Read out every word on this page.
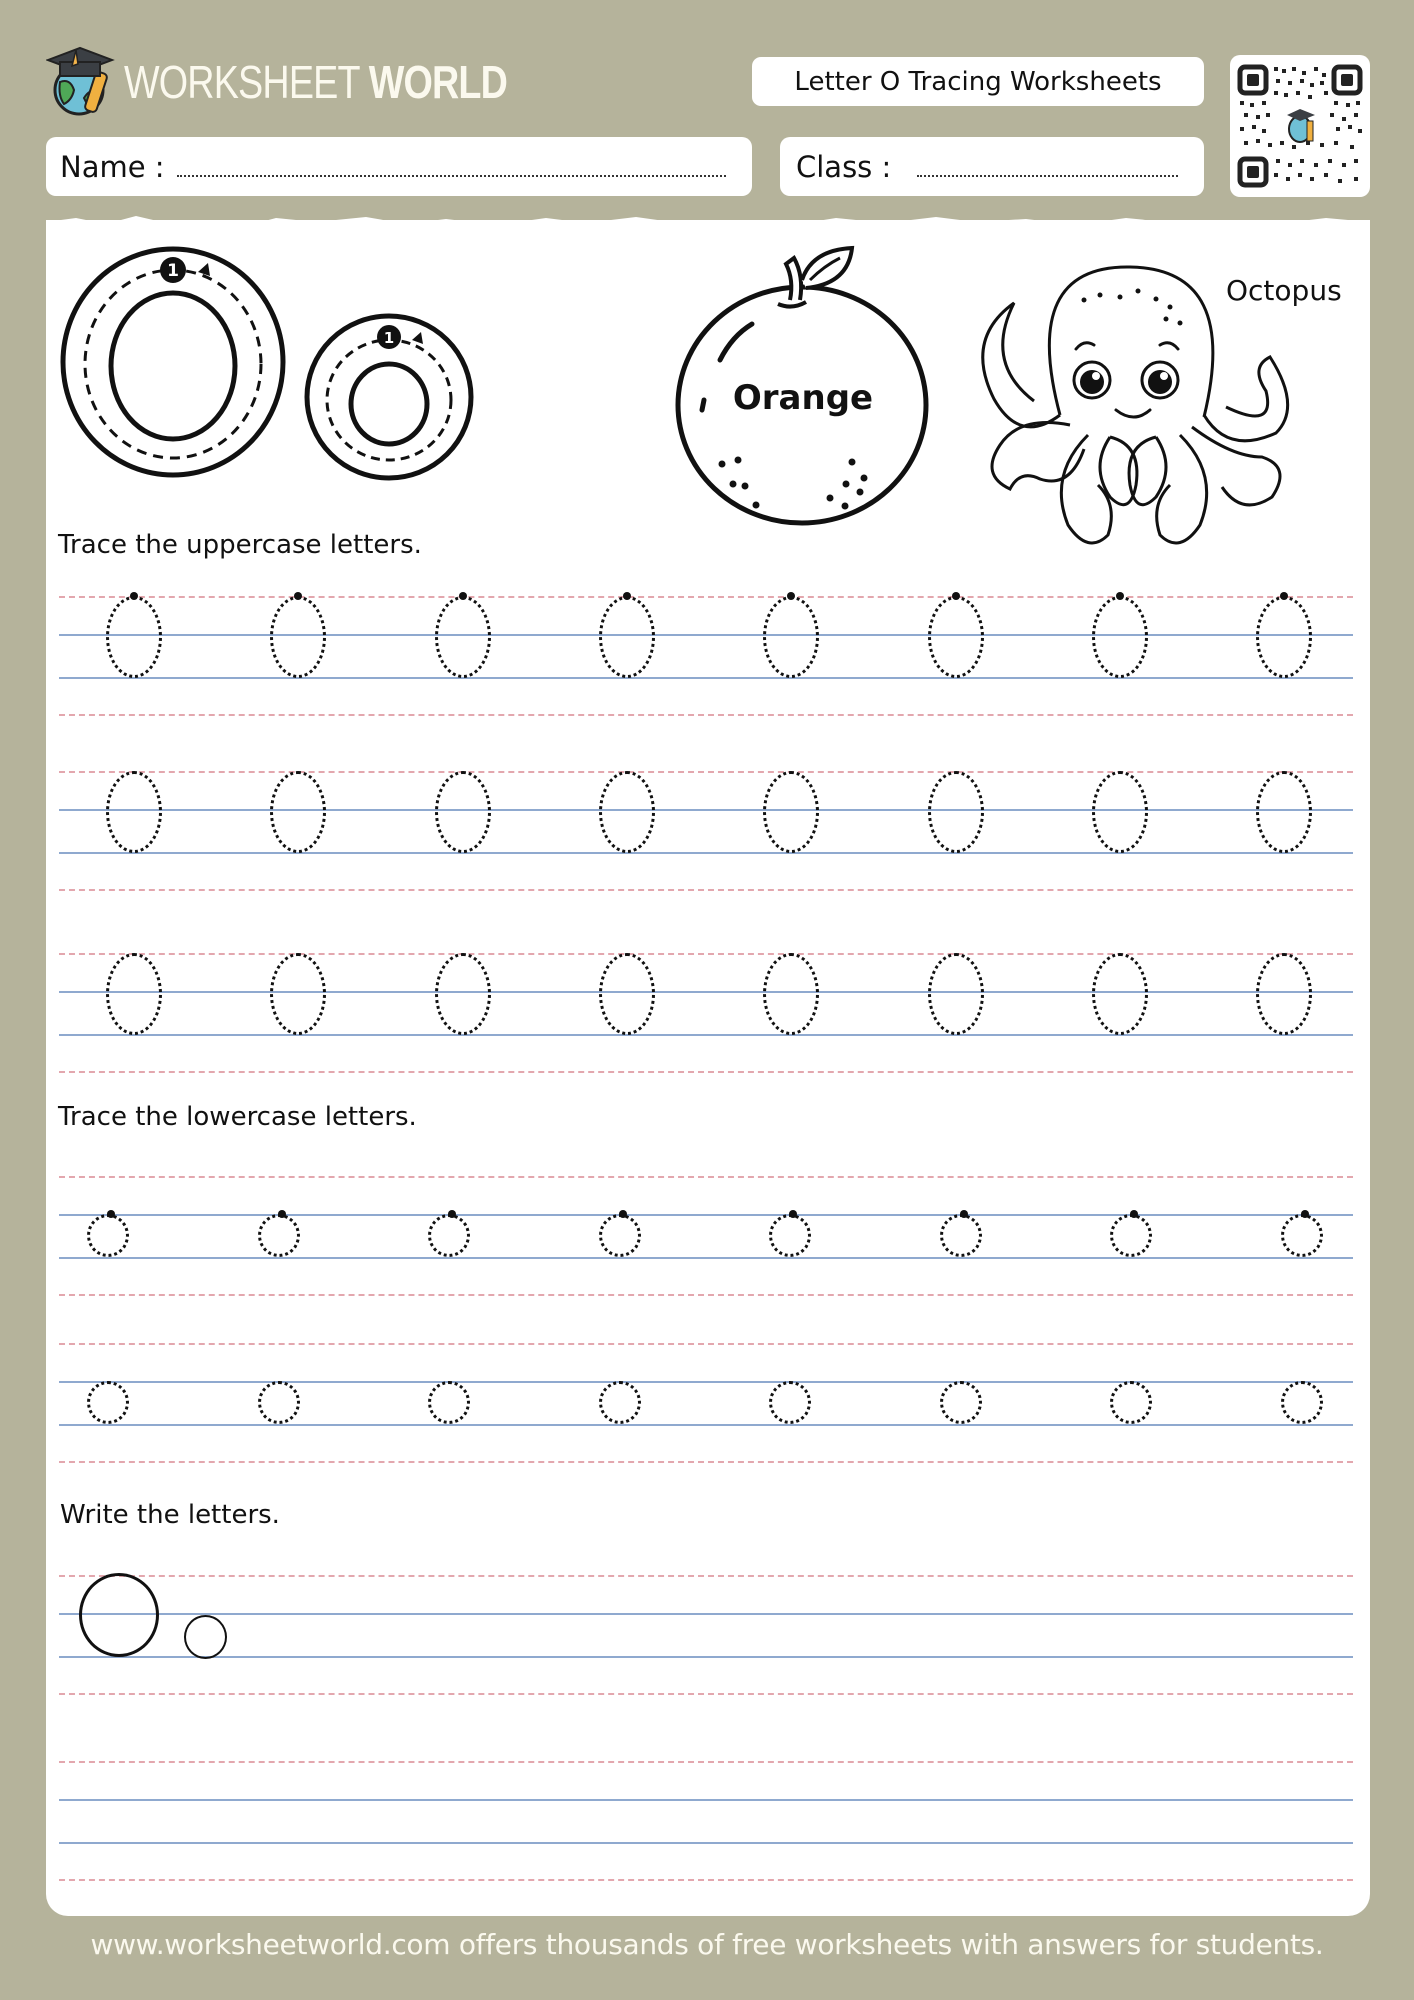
WORKSHEET WORLD	Letter O Tracing Worksheets
Name :	Class :
1
1
Orange
Octopus
Trace the uppercase letters.
Trace the lowercase letters.
Write the letters.
www.worksheetworld.com offers thousands of free worksheets with answers for students.
